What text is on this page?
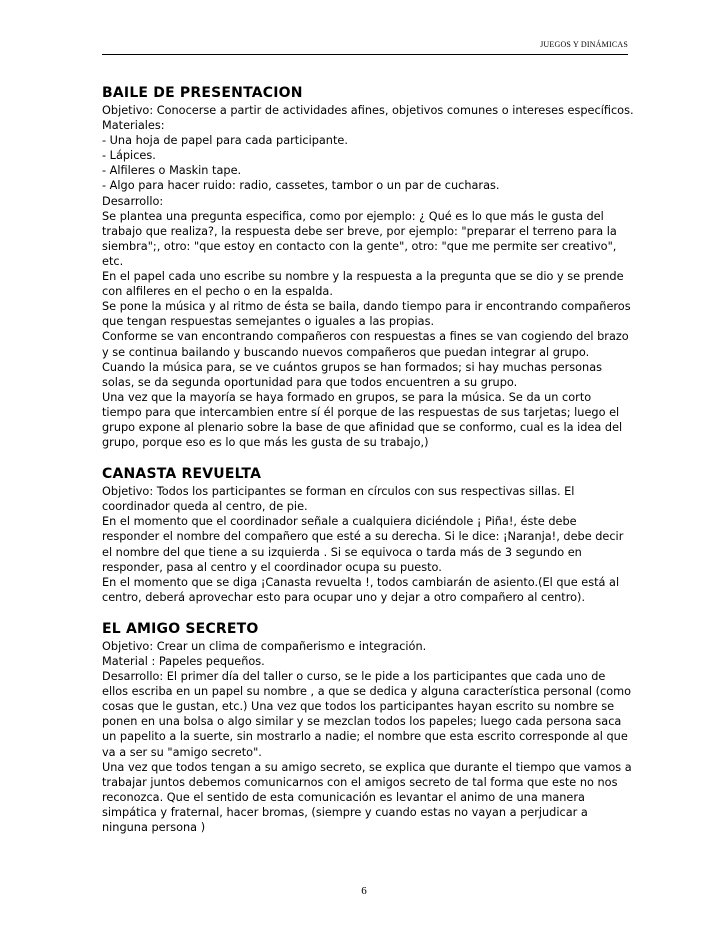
JUEGOS Y DINÁMICAS
BAILE DE PRESENTACION

Objetivo: Conocerse a partir de actividades afines, objetivos comunes o intereses específicos.

Materiales:

- Una hoja de papel para cada participante.

- Lápices.

- Alfileres o Maskin tape.

- Algo para hacer ruido: radio, cassetes, tambor o un par de cucharas.

Desarrollo:

Se plantea una pregunta especifica, como por ejemplo: ¿ Qué es lo que más le gusta del trabajo que realiza?, la respuesta debe ser breve, por ejemplo: "preparar el terreno para la siembra";, otro: "que estoy en contacto con la gente", otro: "que me permite ser creativo", etc.

En el papel cada uno escribe su nombre y la respuesta a la pregunta que se dio y se prende con alfileres en el pecho o en la espalda.

Se pone la música y al ritmo de ésta se baila, dando tiempo para ir encontrando compañeros que tengan respuestas semejantes o iguales a las propias.

Conforme se van encontrando compañeros con respuestas a fines se van cogiendo del brazo y se continua bailando y buscando nuevos compañeros que puedan integrar al grupo.

Cuando la música para, se ve cuántos grupos se han formados; si hay muchas personas solas, se da segunda oportunidad para que todos encuentren a su grupo.

Una vez que la mayoría se haya formado en grupos, se para la música. Se da un corto tiempo para que intercambien entre sí él porque de las respuestas de sus tarjetas; luego el grupo expone al plenario sobre la base de que afinidad que se conformo, cual es la idea del grupo, porque eso es lo que más les gusta de su trabajo,)

CANASTA REVUELTA

Objetivo: Todos los participantes se forman en círculos con sus respectivas sillas. El coordinador queda al centro, de pie.

En el momento que el coordinador señale a cualquiera diciéndole ¡ Piña!, éste debe responder el nombre del compañero que esté a su derecha. Si le dice: ¡Naranja!, debe decir el nombre del que tiene a su izquierda . Si se equivoca o tarda más de 3 segundo en responder, pasa al centro y el coordinador ocupa su puesto.

En el momento que se diga ¡Canasta revuelta !, todos cambiarán de asiento.(El que está al centro, deberá aprovechar esto para ocupar uno y dejar a otro compañero al centro).

EL AMIGO SECRETO

Objetivo: Crear un clima de compañerismo e integración.

Material : Papeles pequeños.

Desarrollo: El primer día del taller o curso, se le pide a los participantes que cada uno de ellos escriba en un papel su nombre , a que se dedica y alguna característica personal (como cosas que le gustan, etc.) Una vez que todos los participantes hayan escrito su nombre se ponen en una bolsa o algo similar y se mezclan todos los papeles; luego cada persona saca un papelito a la suerte, sin mostrarlo a nadie; el nombre que esta escrito corresponde al que va a ser su "amigo secreto".

Una vez que todos tengan a su amigo secreto, se explica que durante el tiempo que vamos a trabajar juntos debemos comunicarnos con el amigos secreto de tal forma que este no nos reconozca. Que el sentido de esta comunicación es levantar el animo de una manera simpática y fraternal, hacer bromas, (siempre y cuando estas no vayan a perjudicar a ninguna persona )

6
